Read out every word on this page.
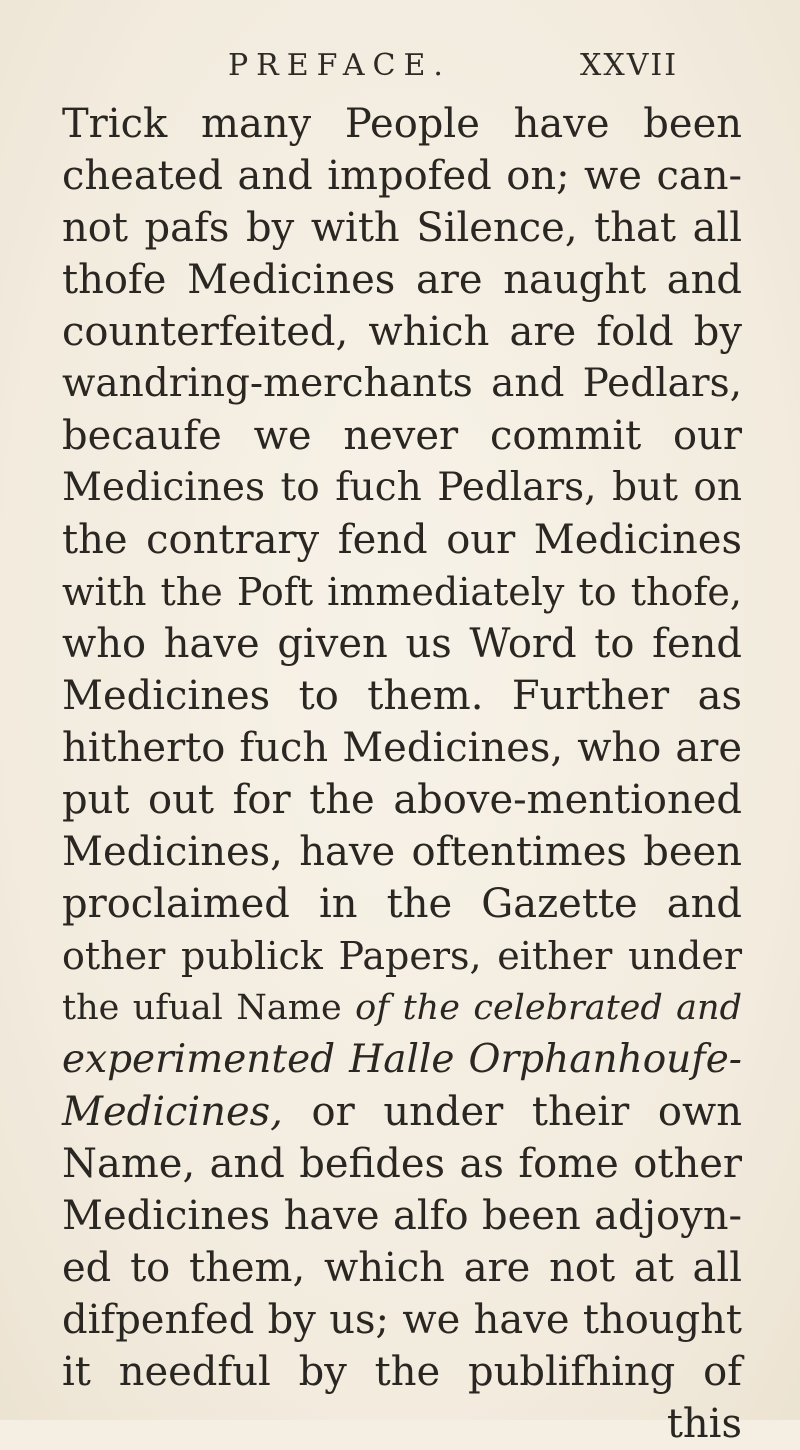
PREFACE.	XXVII
Trick many People have been
cheated and impofed on; we can-
not pafs by with Silence, that all
thofe Medicines are naught and
counterfeited, which are fold by
wandring-merchants and Pedlars,
becaufe we never commit our
Medicines to fuch Pedlars, but on
the contrary fend our Medicines
with the Poft immediately to thofe,
who have given us Word to fend
Medicines to them. Further as
hitherto fuch Medicines, who are
put out for the above-mentioned
Medicines, have oftentimes been
proclaimed in the Gazette and
other publick Papers, either under
the ufual Name of the celebrated and
experimented Halle Orphanhoufe-
Medicines, or under their own
Name, and befides as fome other
Medicines have alfo been adjoyn-
ed to them, which are not at all
difpenfed by us; we have thought
it needful by the publifhing of
this
